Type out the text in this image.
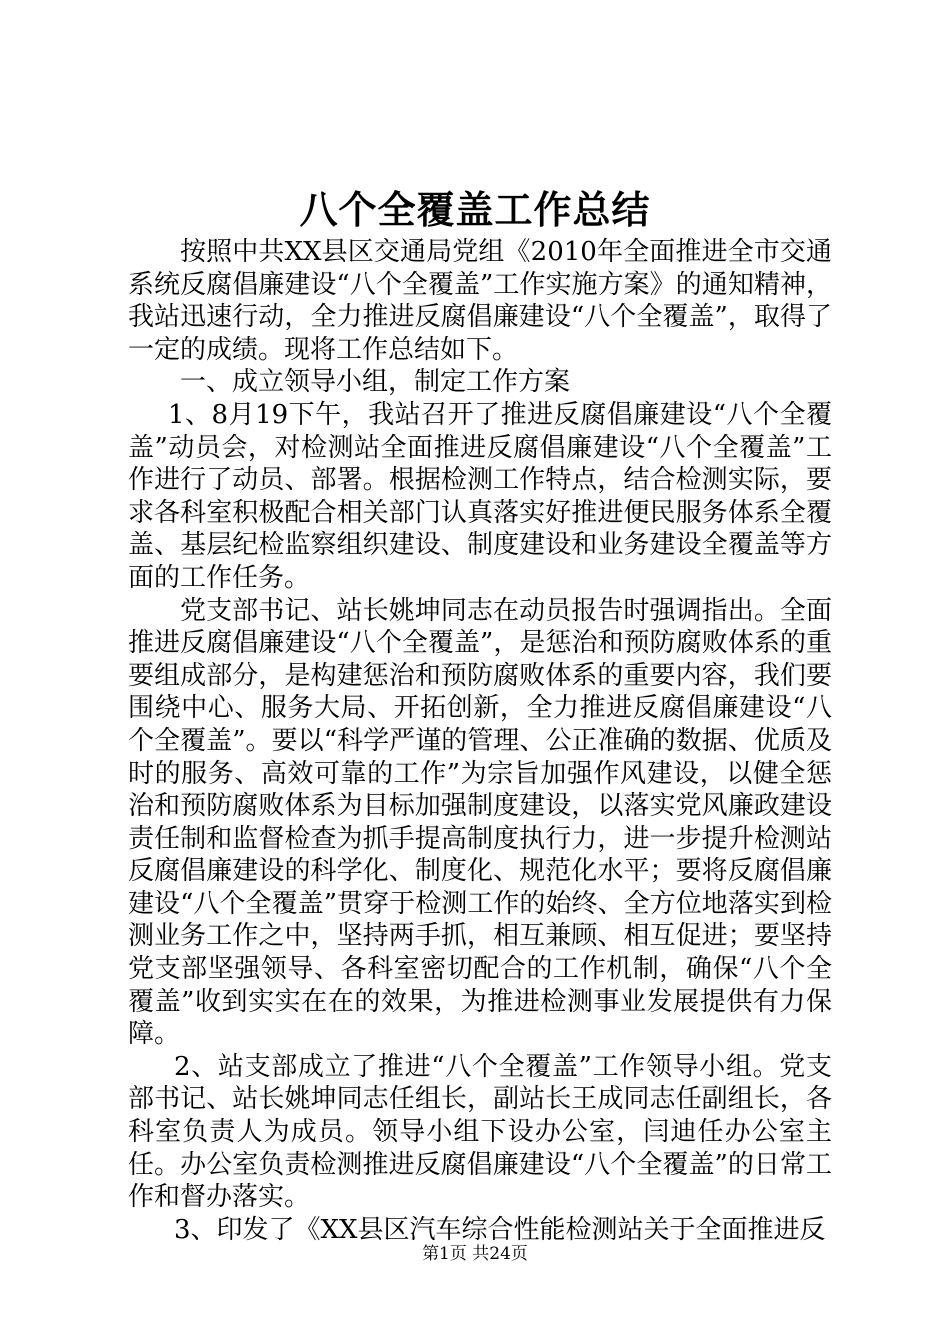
八个全覆盖工作总结

按照中共XX县区交通局党组《2010年全面推进全市交通系统反腐倡廉建设“八个全覆盖”工作实施方案》的通知精神，我站迅速行动，全力推进反腐倡廉建设“八个全覆盖”，取得了一定的成绩。现将工作总结如下。

一、成立领导小组，制定工作方案

1、8月19下午，我站召开了推进反腐倡廉建设“八个全覆盖”动员会，对检测站全面推进反腐倡廉建设“八个全覆盖”工作进行了动员、部署。根据检测工作特点，结合检测实际，要求各科室积极配合相关部门认真落实好推进便民服务体系全覆盖、基层纪检监察组织建设、制度建设和业务建设全覆盖等方面的工作任务。

党支部书记、站长姚坤同志在动员报告时强调指出。全面推进反腐倡廉建设“八个全覆盖”，是惩治和预防腐败体系的重要组成部分，是构建惩治和预防腐败体系的重要内容，我们要围绕中心、服务大局、开拓创新，全力推进反腐倡廉建设“八个全覆盖”。要以“科学严谨的管理、公正准确的数据、优质及时的服务、高效可靠的工作”为宗旨加强作风建设，以健全惩治和预防腐败体系为目标加强制度建设，以落实党风廉政建设责任制和监督检查为抓手提高制度执行力，进一步提升检测站反腐倡廉建设的科学化、制度化、规范化水平；要将反腐倡廉建设“八个全覆盖”贯穿于检测工作的始终、全方位地落实到检测业务工作之中，坚持两手抓，相互兼顾、相互促进；要坚持党支部坚强领导、各科室密切配合的工作机制，确保“八个全覆盖”收到实实在在的效果，为推进检测事业发展提供有力保障。

2、站支部成立了推进“八个全覆盖”工作领导小组。党支部书记、站长姚坤同志任组长，副站长王成同志任副组长，各科室负责人为成员。领导小组下设办公室，闫迪任办公室主任。办公室负责检测推进反腐倡廉建设“八个全覆盖”的日常工作和督办落实。

3、印发了《XX县区汽车综合性能检测站关于全面推进反

第1页 共24页
